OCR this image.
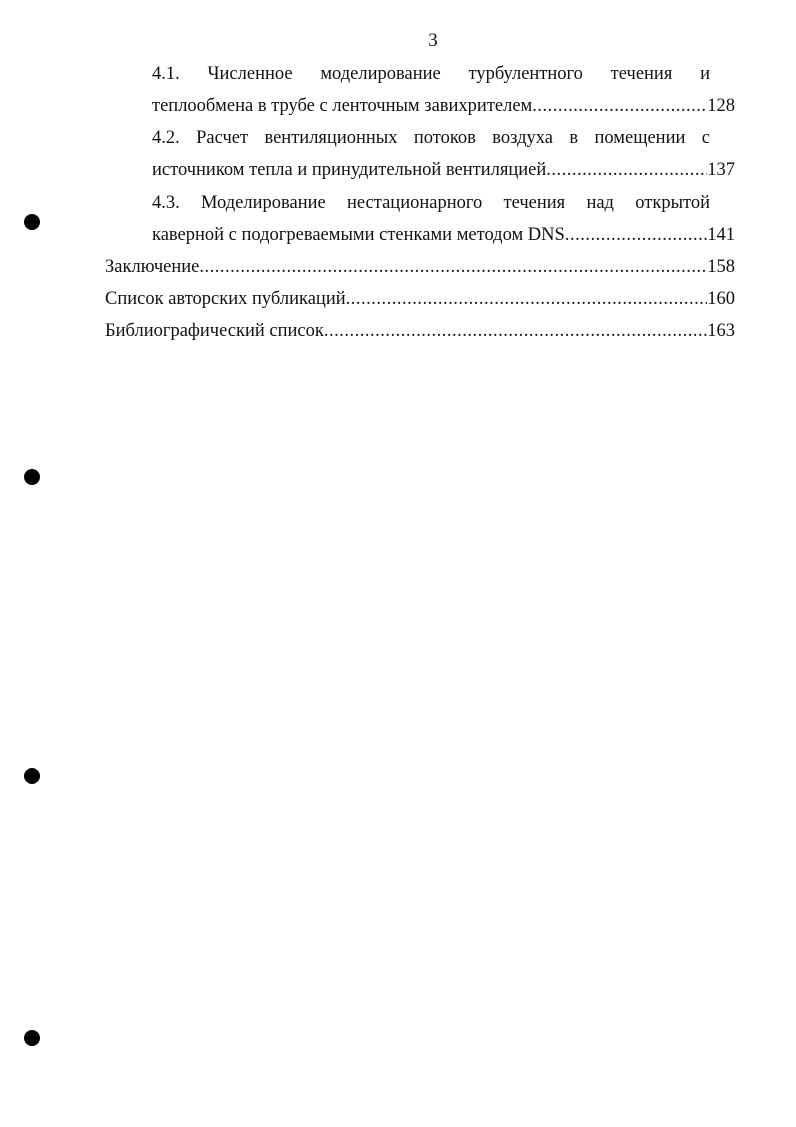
3
4.1. Численное моделирование турбулентного течения и
теплообмена в трубе с ленточным завихрителем .....	128
4.2. Расчет вентиляционных потоков воздуха в помещении с
источником тепла и принудительной вентиляцией .....	137
4.3. Моделирование нестационарного течения над открытой
каверной с подогреваемыми стенками методом DNS .....	141
Заключение .....	158
Список авторских публикаций .....	160
Библиографический список .....	163
